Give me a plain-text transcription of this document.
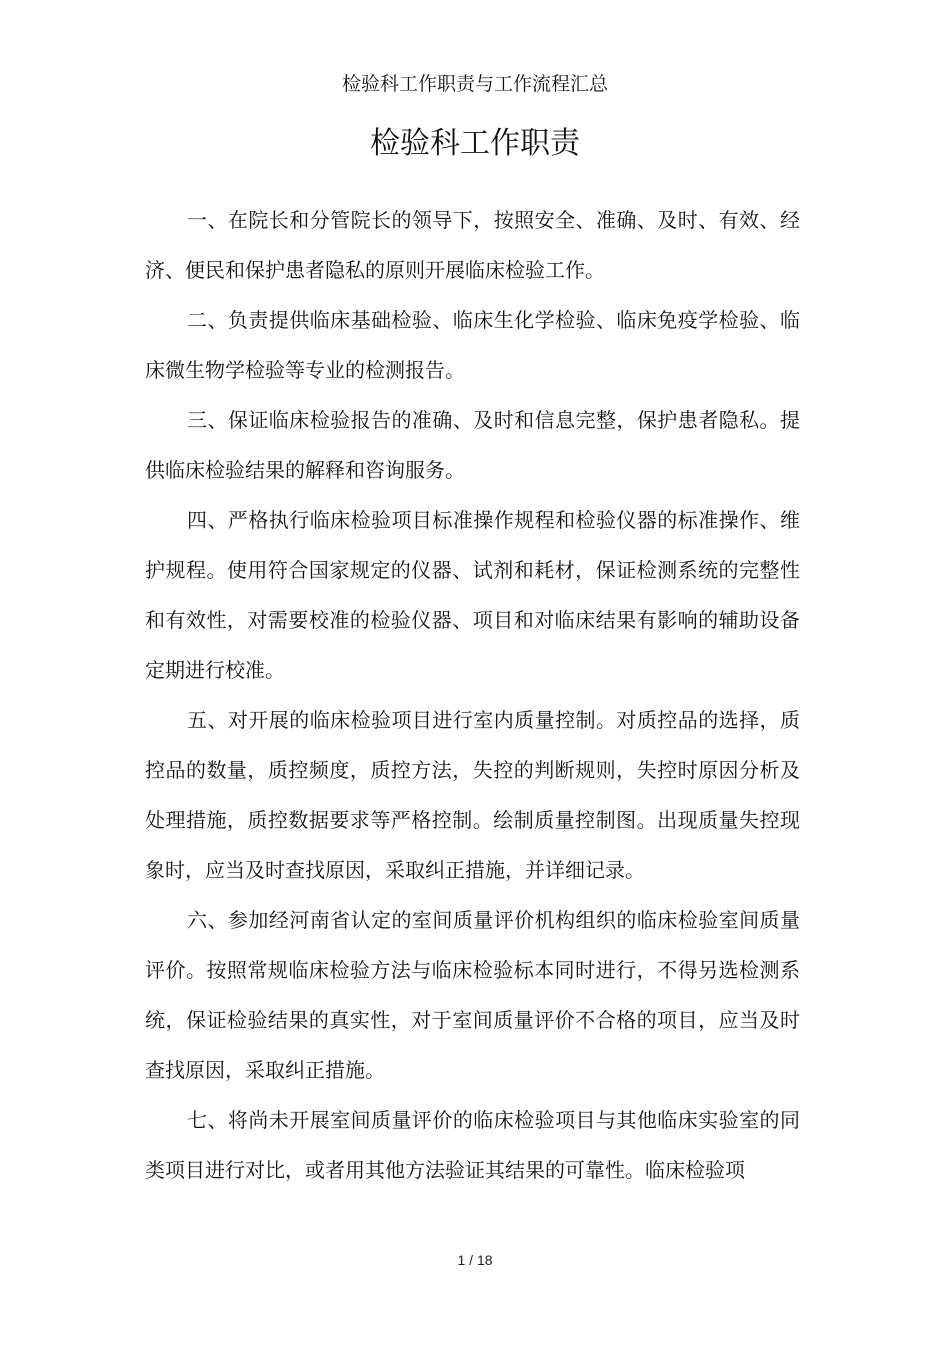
检验科工作职责与工作流程汇总
检验科工作职责

一、在院长和分管院长的领导下，按照安全、准确、及时、有效、经济、便民和保护患者隐私的原则开展临床检验工作。

二、负责提供临床基础检验、临床生化学检验、临床免疫学检验、临床微生物学检验等专业的检测报告。

三、保证临床检验报告的准确、及时和信息完整，保护患者隐私。提供临床检验结果的解释和咨询服务。

四、严格执行临床检验项目标准操作规程和检验仪器的标准操作、维护规程。使用符合国家规定的仪器、试剂和耗材，保证检测系统的完整性和有效性，对需要校准的检验仪器、项目和对临床结果有影响的辅助设备定期进行校准。

五、对开展的临床检验项目进行室内质量控制。对质控品的选择，质控品的数量，质控频度，质控方法，失控的判断规则，失控时原因分析及处理措施，质控数据要求等严格控制。绘制质量控制图。出现质量失控现象时，应当及时查找原因，采取纠正措施，并详细记录。

六、参加经河南省认定的室间质量评价机构组织的临床检验室间质量评价。按照常规临床检验方法与临床检验标本同时进行，不得另选检测系统，保证检验结果的真实性，对于室间质量评价不合格的项目，应当及时查找原因，采取纠正措施。

七、将尚未开展室间质量评价的临床检验项目与其他临床实验室的同类项目进行对比，或者用其他方法验证其结果的可靠性。临床检验项

1 / 18
